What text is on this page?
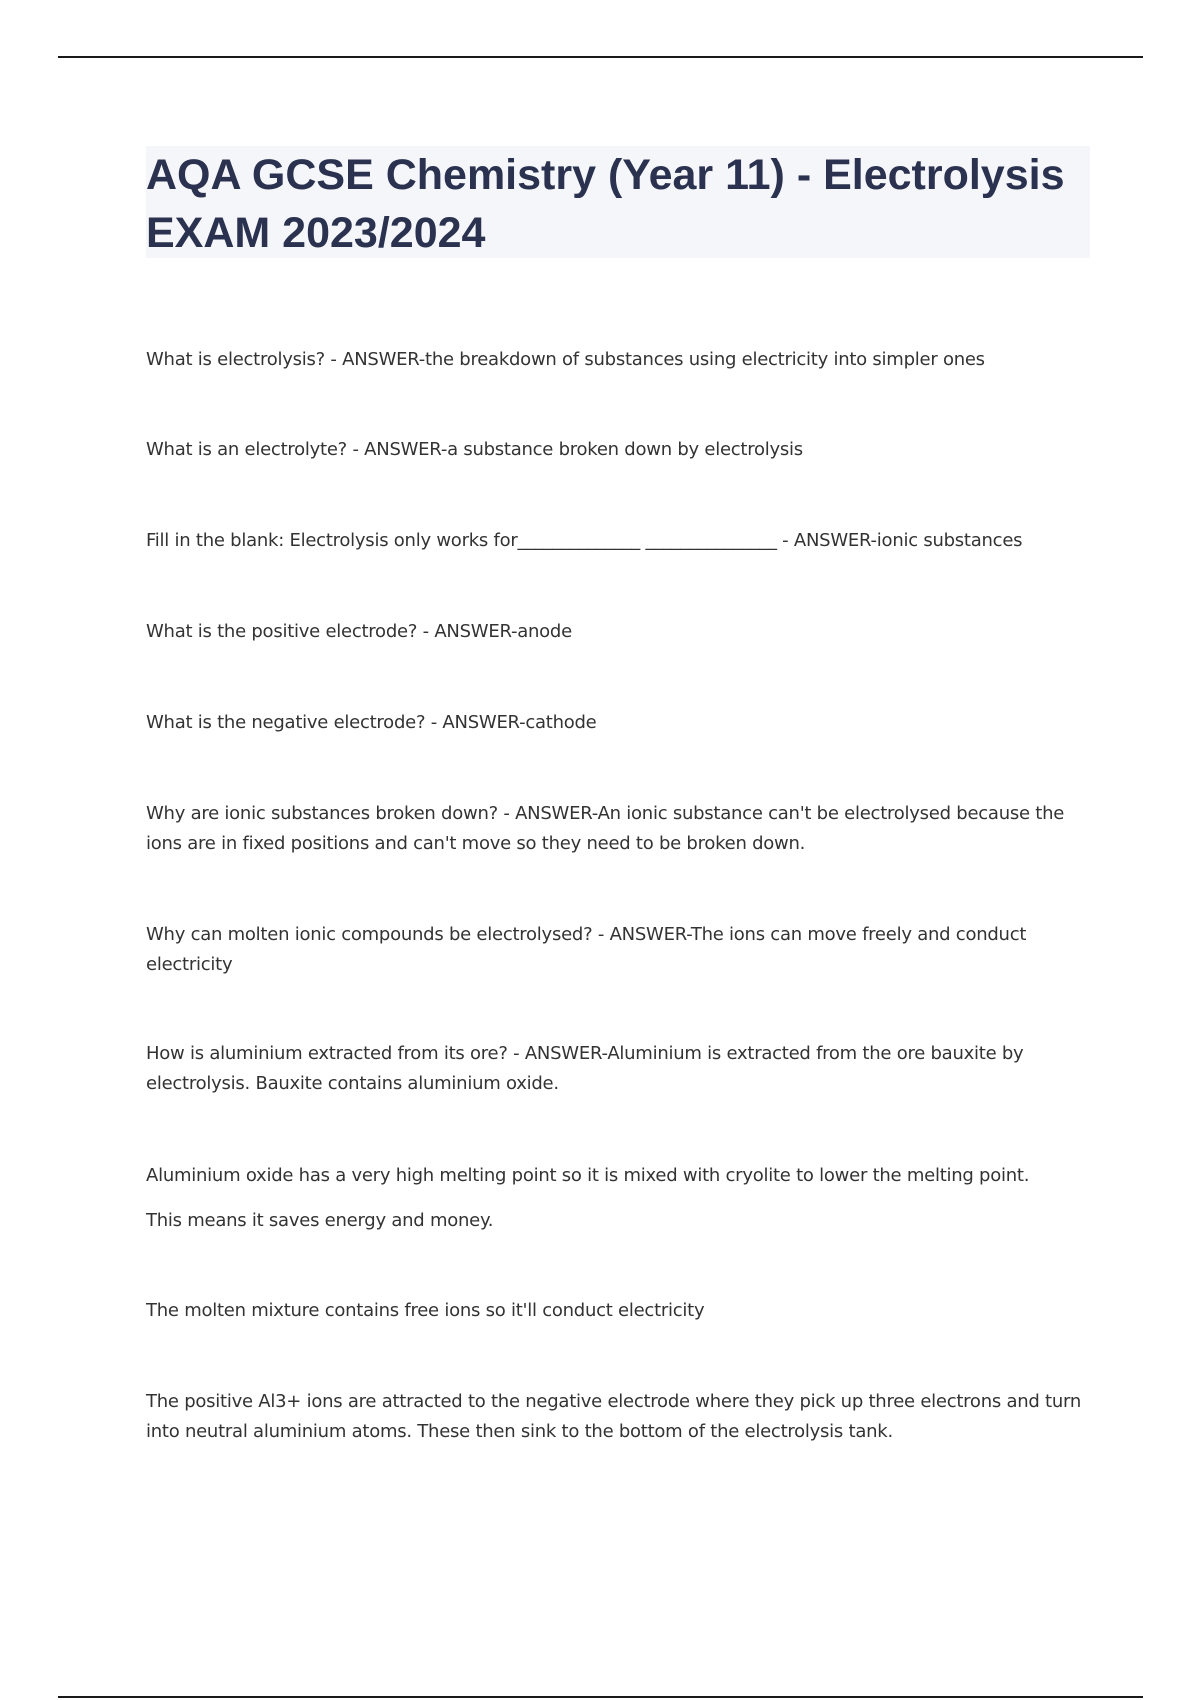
AQA GCSE Chemistry (Year 11) - Electrolysis EXAM 2023/2024

What is electrolysis? - ANSWER-the breakdown of substances using electricity into simpler ones

What is an electrolyte? - ANSWER-a substance broken down by electrolysis

Fill in the blank: Electrolysis only works for______________ _______________ - ANSWER-ionic substances

What is the positive electrode? - ANSWER-anode

What is the negative electrode? - ANSWER-cathode

Why are ionic substances broken down? - ANSWER-An ionic substance can't be electrolysed because the ions are in fixed positions and can't move so they need to be broken down.

Why can molten ionic compounds be electrolysed? - ANSWER-The ions can move freely and conduct electricity

How is aluminium extracted from its ore? - ANSWER-Aluminium is extracted from the ore bauxite by electrolysis. Bauxite contains aluminium oxide.

Aluminium oxide has a very high melting point so it is mixed with cryolite to lower the melting point.

This means it saves energy and money.

The molten mixture contains free ions so it'll conduct electricity

The positive Al3+ ions are attracted to the negative electrode where they pick up three electrons and turn into neutral aluminium atoms. These then sink to the bottom of the electrolysis tank.
